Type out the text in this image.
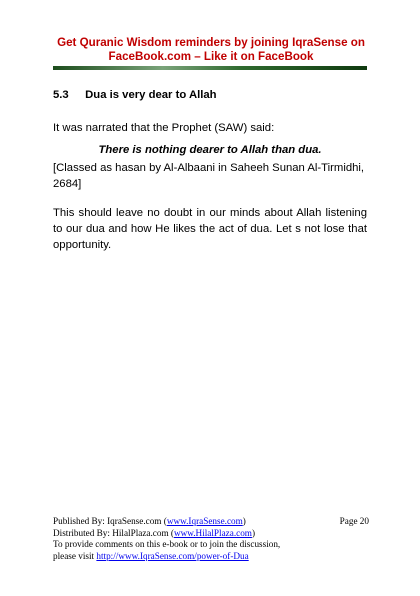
Get Quranic Wisdom reminders by joining IqraSense on
FaceBook.com – Like it on FaceBook
5.3 Dua is very dear to Allah
It was narrated that the Prophet (SAW) said:
There is nothing dearer to Allah than dua.
[Classed as hasan by Al-Albaani in Saheeh Sunan Al-Tirmidhi, 2684]
This should leave no doubt in our minds about Allah listening to our dua and how He likes the act of dua. Let s not lose that opportunity.
Published By: IqraSense.com (www.IqraSense.com)
Distributed By: HilalPlaza.com (www.HilalPlaza.com)
To provide comments on this e-book or to join the discussion,
please visit http://www.IqraSense.com/power-of-Dua
Page 20
